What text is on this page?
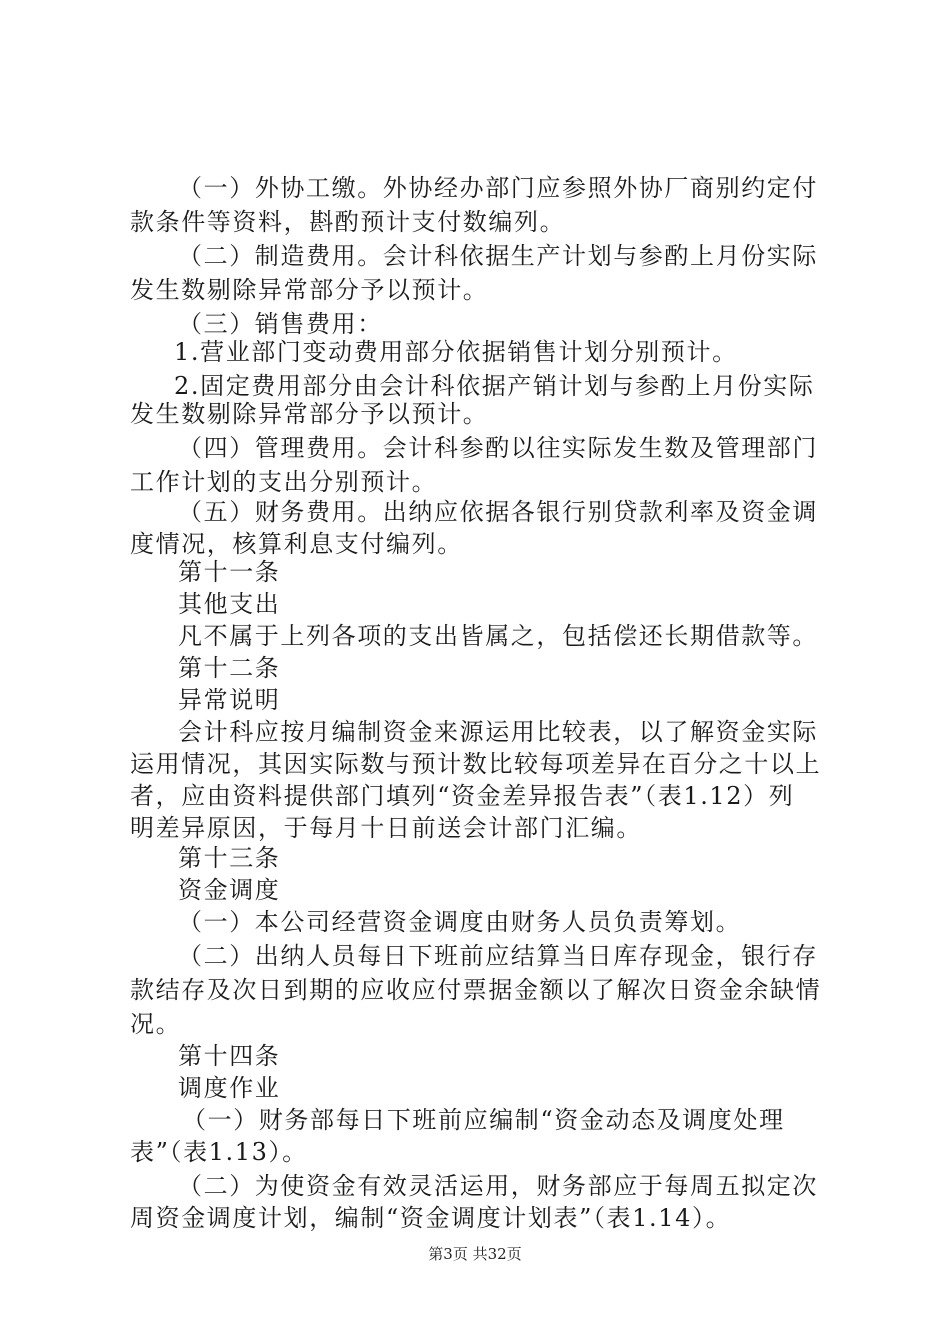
（一）外协工缴。外协经办部门应参照外协厂商别约定付
款条件等资料，斟酌预计支付数编列。
（二）制造费用。会计科依据生产计划与参酌上月份实际
发生数剔除异常部分予以预计。
（三）销售费用：
1.营业部门变动费用部分依据销售计划分别预计。
2.固定费用部分由会计科依据产销计划与参酌上月份实际
发生数剔除异常部分予以预计。
（四）管理费用。会计科参酌以往实际发生数及管理部门
工作计划的支出分别预计。
（五）财务费用。出纳应依据各银行别贷款利率及资金调
度情况，核算利息支付编列。
第十一条
其他支出
凡不属于上列各项的支出皆属之，包括偿还长期借款等。
第十二条
异常说明
会计科应按月编制资金来源运用比较表，以了解资金实际
运用情况，其因实际数与预计数比较每项差异在百分之十以上
者，应由资料提供部门填列“资金差异报告表”（表1.12）列
明差异原因，于每月十日前送会计部门汇编。
第十三条
资金调度
（一）本公司经营资金调度由财务人员负责筹划。
（二）出纳人员每日下班前应结算当日库存现金，银行存
款结存及次日到期的应收应付票据金额以了解次日资金余缺情
况。
第十四条
调度作业
（一）财务部每日下班前应编制“资金动态及调度处理
表”（表1.13）。
（二）为使资金有效灵活运用，财务部应于每周五拟定次
周资金调度计划，编制“资金调度计划表”（表1.14）。
第3页 共32页
